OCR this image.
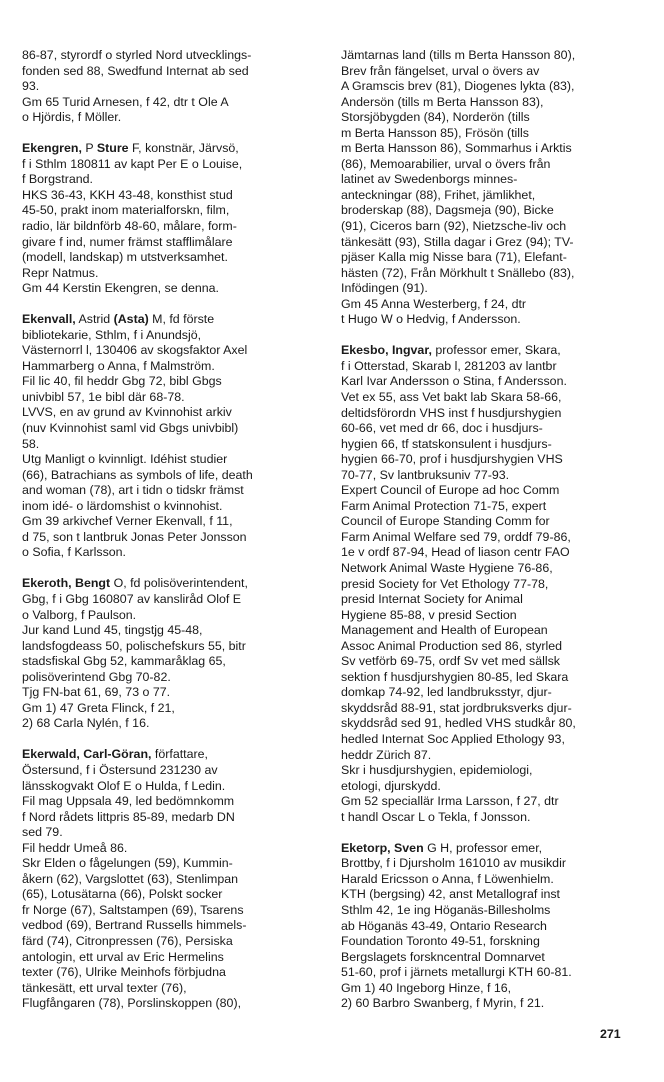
86-87, styrordf o styrled Nord utvecklings-
fonden sed 88, Swedfund Internat ab sed
93.
Gm 65 Turid Arnesen, f 42, dtr t Ole A
o Hjördis, f Möller.
Ekengren, P Sture F, konstnär, Järvsö,
f i Sthlm 180811 av kapt Per E o Louise,
f Borgstrand.
HKS 36-43, KKH 43-48, konsthist stud
45-50, prakt inom materialforskn, film,
radio, lär bildnförb 48-60, målare, form-
givare f ind, numer främst stafflimålare
(modell, landskap) m utstverksamhet.
Repr Natmus.
Gm 44 Kerstin Ekengren, se denna.
Ekenvall, Astrid (Asta) M, fd förste
bibliotekarie, Sthlm, f i Anundsjö,
Västernorrl l, 130406 av skogsfaktor Axel
Hammarberg o Anna, f Malmström.
Fil lic 40, fil heddr Gbg 72, bibl Gbgs
univbibl 57, 1e bibl där 68-78.
LVVS, en av grund av Kvinnohist arkiv
(nuv Kvinnohist saml vid Gbgs univbibl)
58.
Utg Manligt o kvinnligt. Idéhist studier
(66), Batrachians as symbols of life, death
and woman (78), art i tidn o tidskr främst
inom idé- o lärdomshist o kvinnohist.
Gm 39 arkivchef Verner Ekenvall, f 11,
d 75, son t lantbruk Jonas Peter Jonsson
o Sofia, f Karlsson.
Ekeroth, Bengt O, fd polisöverintendent,
Gbg, f i Gbg 160807 av kansliråd Olof E
o Valborg, f Paulson.
Jur kand Lund 45, tingstjg 45-48,
landsfogdeass 50, polischefskurs 55, bitr
stadsfiskal Gbg 52, kammaråklag 65,
polisöverintend Gbg 70-82.
Tjg FN-bat 61, 69, 73 o 77.
Gm 1) 47 Greta Flinck, f 21,
2) 68 Carla Nylén, f 16.
Ekerwald, Carl-Göran, författare,
Östersund, f i Östersund 231230 av
länsskogvakt Olof E o Hulda, f Ledin.
Fil mag Uppsala 49, led bedömnkomm
f Nord rådets littpris 85-89, medarb DN
sed 79.
Fil heddr Umeå 86.
Skr Elden o fågelungen (59), Kummin-
åkern (62), Vargslottet (63), Stenlimpan
(65), Lotusätarna (66), Polskt socker
fr Norge (67), Saltstampen (69), Tsarens
vedbod (69), Bertrand Russells himmels-
färd (74), Citronpressen (76), Persiska
antologin, ett urval av Eric Hermelins
texter (76), Ulrike Meinhofs förbjudna
tänkesätt, ett urval texter (76),
Flugfångaren (78), Porslinskoppen (80),
Jämtarnas land (tills m Berta Hansson 80),
Brev från fängelset, urval o övers av
A Gramscis brev (81), Diogenes lykta (83),
Andersön (tills m Berta Hansson 83),
Storsjöbygden (84), Norderön (tills
m Berta Hansson 85), Frösön (tills
m Berta Hansson 86), Sommarhus i Arktis
(86), Memoarabilier, urval o övers från
latinet av Swedenborgs minnes-
anteckningar (88), Frihet, jämlikhet,
broderskap (88), Dagsmeja (90), Bicke
(91), Ciceros barn (92), Nietzsche-liv och
tänkesätt (93), Stilla dagar i Grez (94); TV-
pjäser Kalla mig Nisse bara (71), Elefant-
hästen (72), Från Mörkhult t Snällebo (83),
Infödingen (91).
Gm 45 Anna Westerberg, f 24, dtr
t Hugo W o Hedvig, f Andersson.
Ekesbo, Ingvar, professor emer, Skara,
f i Otterstad, Skarab l, 281203 av lantbr
Karl Ivar Andersson o Stina, f Andersson.
Vet ex 55, ass Vet bakt lab Skara 58-66,
deltidsförordn VHS inst f husdjurshygien
60-66, vet med dr 66, doc i husdjurs-
hygien 66, tf statskonsulent i husdjurs-
hygien 66-70, prof i husdjurshygien VHS
70-77, Sv lantbruksuniv 77-93.
Expert Council of Europe ad hoc Comm
Farm Animal Protection 71-75, expert
Council of Europe Standing Comm for
Farm Animal Welfare sed 79, orddf 79-86,
1e v ordf 87-94, Head of liason centr FAO
Network Animal Waste Hygiene 76-86,
presid Society for Vet Ethology 77-78,
presid Internat Society for Animal
Hygiene 85-88, v presid Section
Management and Health of European
Assoc Animal Production sed 86, styrled
Sv vetförb 69-75, ordf Sv vet med sällsk
sektion f husdjurshygien 80-85, led Skara
domkap 74-92, led landbruksstyr, djur-
skyddsråd 88-91, stat jordbruksverks djur-
skyddsråd sed 91, hedled VHS studkår 80,
hedled Internat Soc Applied Ethology 93,
heddr Zürich 87.
Skr i husdjurshygien, epidemiologi,
etologi, djurskydd.
Gm 52 speciallär Irma Larsson, f 27, dtr
t handl Oscar L o Tekla, f Jonsson.
Eketorp, Sven G H, professor emer,
Brottby, f i Djursholm 161010 av musikdir
Harald Ericsson o Anna, f Löwenhielm.
KTH (bergsing) 42, anst Metallograf inst
Sthlm 42, 1e ing Höganäs-Billesholms
ab Höganäs 43-49, Ontario Research
Foundation Toronto 49-51, forskning
Bergslagets forskncentral Domnarvet
51-60, prof i järnets metallurgi KTH 60-81.
Gm 1) 40 Ingeborg Hinze, f 16,
2) 60 Barbro Swanberg, f Myrin, f 21.
271
